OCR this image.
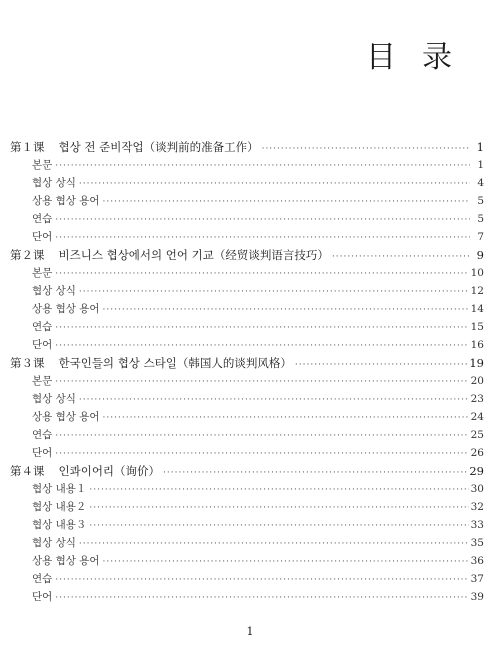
目录
第１课 협상 전 준비작업（谈判前的准备工作） ·····	1
본문 ·····	1
협상 상식 ·····	4
상용 협상 용어 ·····	5
연습 ·····	5
단어 ·····	7
第２课 비즈니스 협상에서의 언어 기교（经贸谈判语言技巧） ·····	9
본문 ·····	10
협상 상식 ·····	12
상용 협상 용어 ·····	14
연습 ·····	15
단어 ·····	16
第３课 한국인들의 협상 스타일（韩国人的谈判风格） ·····	19
본문 ·····	20
협상 상식 ·····	23
상용 협상 용어 ·····	24
연습 ·····	25
단어 ·····	26
第４课 인콰이어리（询价） ·····	29
협상 내용１ ·····	30
협상 내용２ ·····	32
협상 내용３ ·····	33
협상 상식 ·····	35
상용 협상 용어 ·····	36
연습 ·····	37
단어 ·····	39
1
